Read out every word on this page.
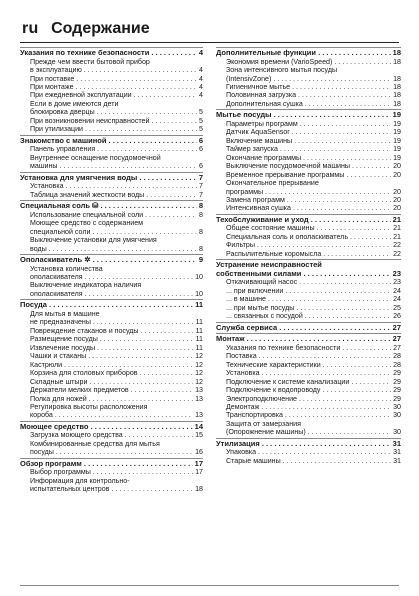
ru Содержание
Указания по технике безопасности . . .	4
Прежде чем ввести бытовой прибор
в эксплуатацию . . .	4
При поставке . . .	4
При монтаже . . .	4
При ежедневной эксплуатации . . .	4
Если в доме имеются дети
блокировка дверцы . . .	5
При возникновении неисправностей . . .	5
При утилизации . . .	5
Знакомство с машиной . . .	6
Панель управления . . .	6
Внутреннее оснащение посудомоечной
машины . . .	6
Установка для умягчения воды . . .	7
Установка . . .	7
Таблица значений жесткости воды . . .	7
Специальная соль ⛁ . . .	8
Использование специальной соли . . .	8
Моющее средство с содержанием
специальной соли . . .	8
Выключение установки для умягчения
воды . . .	8
Ополаскиватель ✲ . . .	9
Установка количества
ополаскивателя . . .	10
Выключение индикатора наличия
ополаскивателя . . .	10
Посуда . . .	11
Для мытья в машине
не предназначены . . .	11
Повреждение стаканов и посуды . . .	11
Размещение посуды . . .	11
Извлечение посуды . . .	11
Чашки и стаканы . . .	12
Кастрюли . . .	12
Корзина для столовых приборов . . .	12
Складные штыри . . .	12
Держатели мелких предметов . . .	13
Полка для ножей . . .	13
Регулировка высоты расположения
короба . . .	13
Моющее средство . . .	14
Загрузка моющего средства . . .	15
Комбинированные средства для мытья
посуды . . .	16
Обзор программ . . .	17
Выбор программы . . .	17
Информация для контрольно-
испытательных центров . . .	18
Дополнительные функции . . .	18
Экономия времени (VarioSpeed) . . .	18
Зона интенсивного мытья посуды
(IntensivZone) . . .	18
Гигиеничное мытье . . .	18
Половинная загрузка . . .	18
Дополнительная сушка . . .	18
Мытье посуды . . .	19
Параметры программ . . .	19
Датчик AquaSensor . . .	19
Включение машины . . .	19
Таймер запуска . . .	19
Окончание программы . . .	19
Выключение посудомоечной машины . . .	20
Временное прерывание программы . . .	20
Окончательное прерывание
программы . . .	20
Замена программ . . .	20
Интенсивная сушка . . .	20
Техобслуживание и уход . . .	21
Общее состояние машины . . .	21
Специальная соль и ополаскиватель . . .	21
Фильтры . . .	22
Распылительные коромысла . . .	22
Устранение неисправностей
собственными силами . . .	23
Откачивающий насос . . .	23
... при включении . . .	24
... в машине . . .	24
... при мытье посуды . . .	25
... связанных с посудой . . .	26
Служба сервиса . . .	27
Монтаж . . .	27
Указания по технике безопасности . . .	27
Поставка . . .	28
Технические характеристики . . .	28
Установка . . .	29
Подключение к системе канализации . . .	29
Подключение к водопроводу . . .	29
Электроподключение . . .	29
Демонтаж . . .	30
Транспортировка . . .	30
Защита от замерзания
(Опорожнение машины) . . .	30
Утилизация . . .	31
Упаковка . . .	31
Старые машины . . .	31
